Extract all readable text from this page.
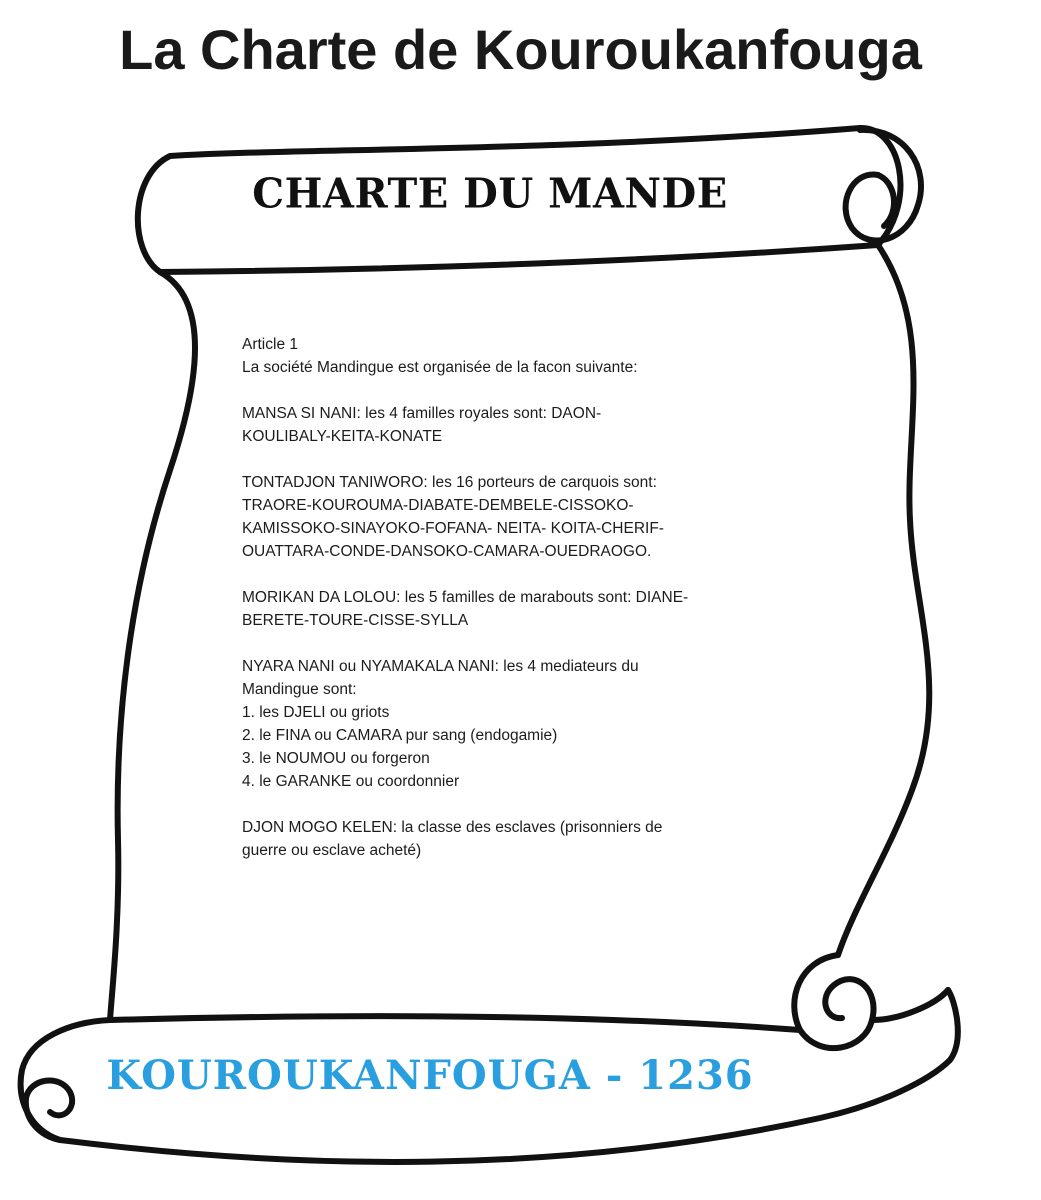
La Charte de Kouroukanfouga
CHARTE DU MANDE

Article 1

La société Mandingue est organisée de la facon suivante:

MANSA SI NANI: les 4 familles royales sont: DAON-

KOULIBALY-KEITA-KONATE

TONTADJON TANIWORO: les 16 porteurs de carquois sont:

TRAORE-KOUROUMA-DIABATE-DEMBELE-CISSOKO-

KAMISSOKO-SINAYOKO-FOFANA- NEITA- KOITA-CHERIF-

OUATTARA-CONDE-DANSOKO-CAMARA-OUEDRAOGO.

MORIKAN DA LOLOU: les 5 familles de marabouts sont: DIANE-

BERETE-TOURE-CISSE-SYLLA

NYARA NANI ou NYAMAKALA NANI: les 4 mediateurs du

Mandingue sont:

1. les DJELI ou griots

2. le FINA ou CAMARA pur sang (endogamie)

3. le NOUMOU ou forgeron

4. le GARANKE ou coordonnier

DJON MOGO KELEN: la classe des esclaves (prisonniers de

guerre ou esclave acheté)

KOUROUKANFOUGA - 1236
